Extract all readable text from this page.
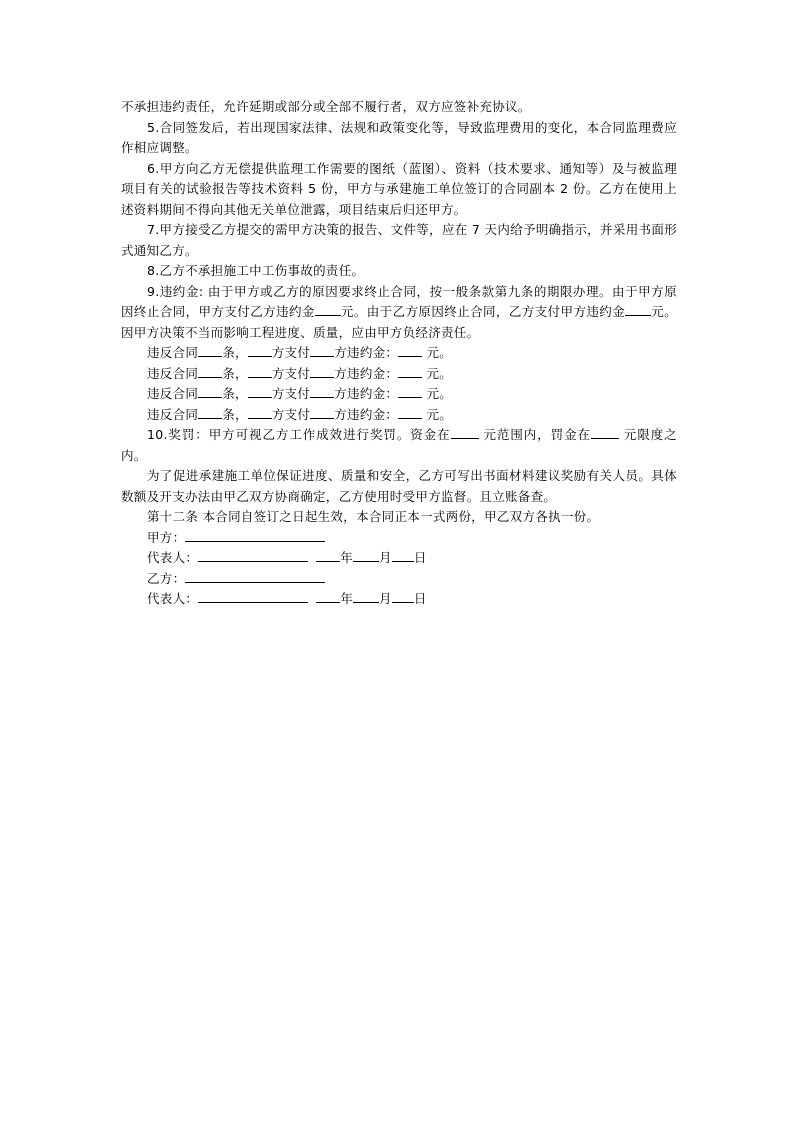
不承担违约责任，允许延期或部分或全部不履行者，双方应签补充协议。

5.合同签发后，若出现国家法律、法规和政策变化等，导致监理费用的变化，本合同监理费应作相应调整。

6.甲方向乙方无偿提供监理工作需要的图纸（蓝图）、资料（技术要求、通知等）及与被监理项目有关的试验报告等技术资料 5 份，甲方与承建施工单位签订的合同副本 2 份。乙方在使用上述资料期间不得向其他无关单位泄露，项目结束后归还甲方。

7.甲方接受乙方提交的需甲方决策的报告、文件等，应在 7 天内给予明确指示，并采用书面形式通知乙方。

8.乙方不承担施工中工伤事故的责任。

9.违约金: 由于甲方或乙方的原因要求终止合同，按一般条款第九条的期限办理。由于甲方原因终止合同，甲方支付乙方违约金 元。由于乙方原因终止合同，乙方支付甲方违约金 元。因甲方决策不当而影响工程进度、质量，应由甲方负经济责任。

违反合同 条， 方支付 方违约金： 元。

违反合同 条， 方支付 方违约金： 元。

违反合同 条， 方支付 方违约金： 元。

违反合同 条， 方支付 方违约金： 元。

10.奖罚：甲方可视乙方工作成效进行奖罚。资金在 元范围内，罚金在 元限度之内。

为了促进承建施工单位保证进度、质量和安全，乙方可写出书面材料建议奖励有关人员。具体数额及开支办法由甲乙双方协商确定，乙方使用时受甲方监督。且立账备查。

第十二条 本合同自签订之日起生效，本合同正本一式两份，甲乙双方各执一份。

甲方：

代表人：	年 月 日

乙方：

代表人：	年 月 日
